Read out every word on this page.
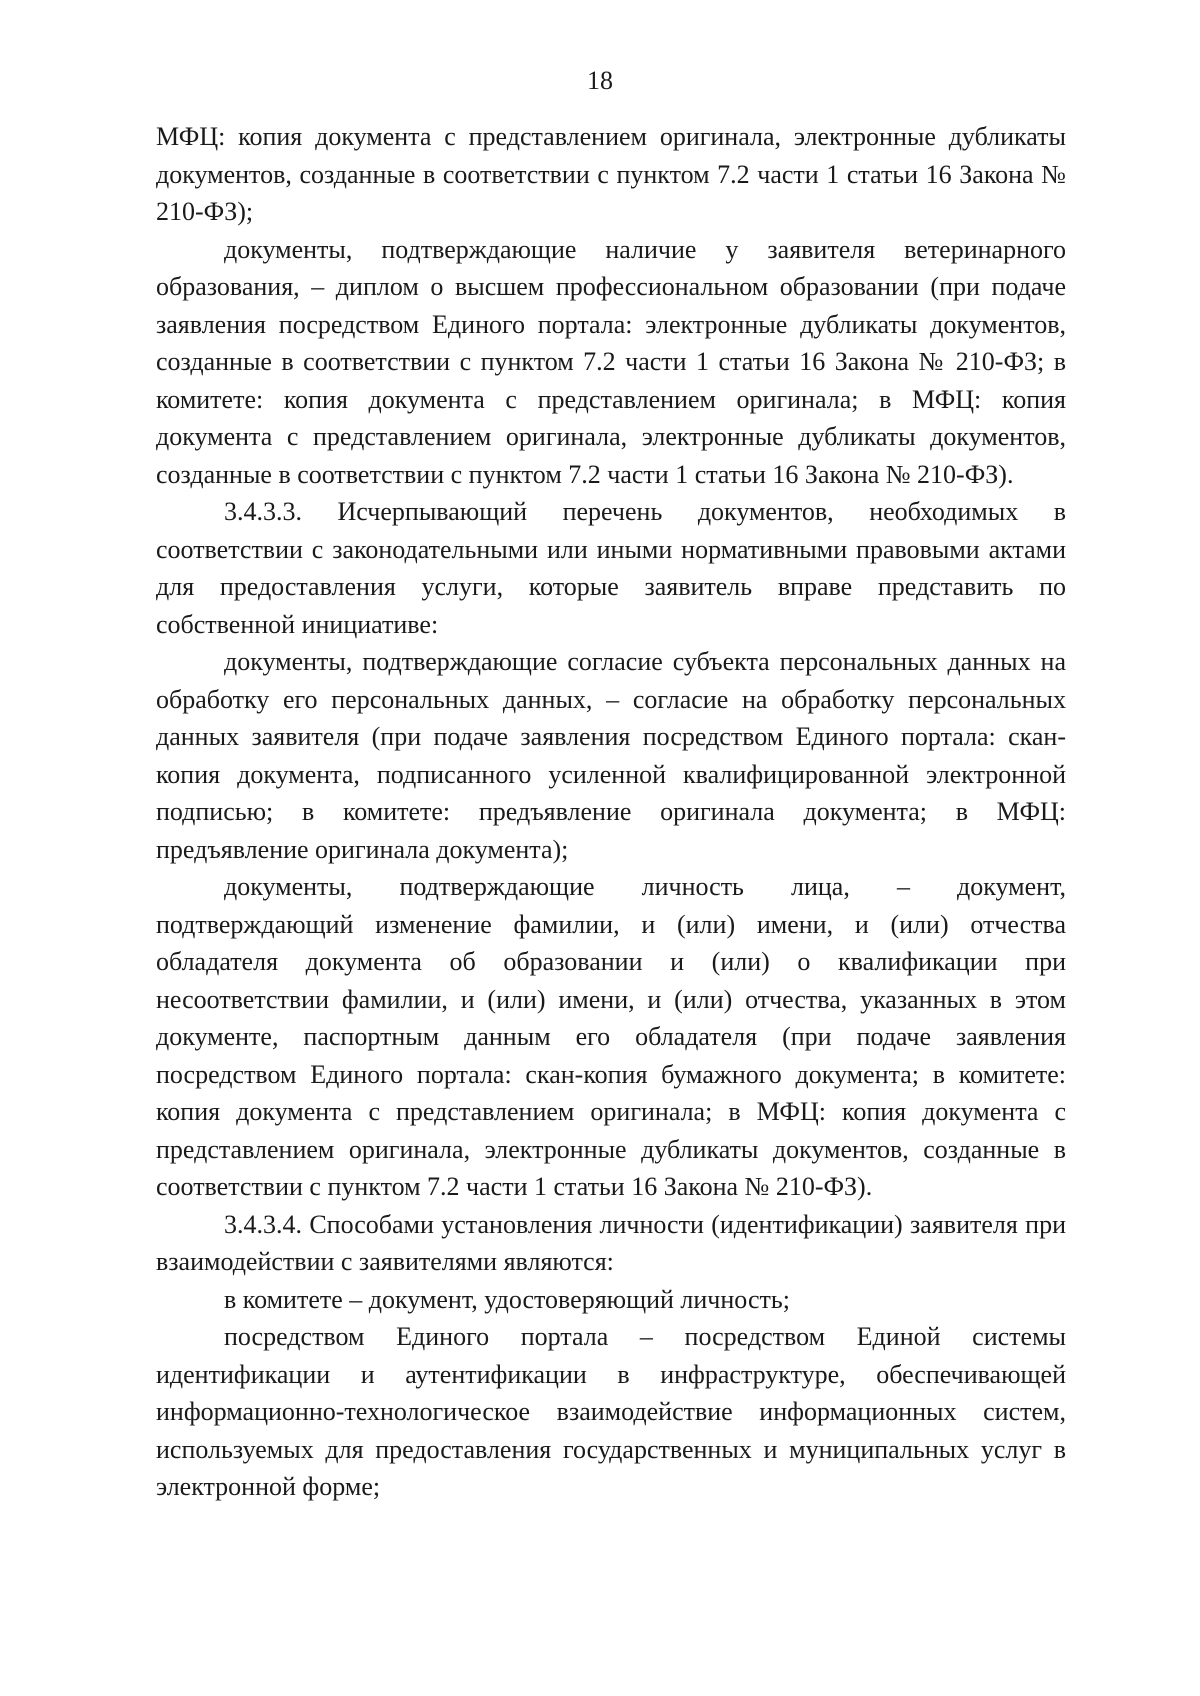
18

МФЦ: копия документа с представлением оригинала, электронные дубликаты документов, созданные в соответствии с пунктом 7.2 части 1 статьи 16 Закона № 210-ФЗ);

документы, подтверждающие наличие у заявителя ветеринарного образования, – диплом о высшем профессиональном образовании (при подаче заявления посредством Единого портала: электронные дубликаты документов, созданные в соответствии с пунктом 7.2 части 1 статьи 16 Закона № 210-ФЗ; в комитете: копия документа с представлением оригинала; в МФЦ: копия документа с представлением оригинала, электронные дубликаты документов, созданные в соответствии с пунктом 7.2 части 1 статьи 16 Закона № 210-ФЗ).

3.4.3.3. Исчерпывающий перечень документов, необходимых в соответствии с законодательными или иными нормативными правовыми актами для предоставления услуги, которые заявитель вправе представить по собственной инициативе:

документы, подтверждающие согласие субъекта персональных данных на обработку его персональных данных, – согласие на обработку персональных данных заявителя (при подаче заявления посредством Единого портала: скан-копия документа, подписанного усиленной квалифицированной электронной подписью; в комитете: предъявление оригинала документа; в МФЦ: предъявление оригинала документа);

документы, подтверждающие личность лица, – документ, подтверждающий изменение фамилии, и (или) имени, и (или) отчества обладателя документа об образовании и (или) о квалификации при несоответствии фамилии, и (или) имени, и (или) отчества, указанных в этом документе, паспортным данным его обладателя (при подаче заявления посредством Единого портала: скан-копия бумажного документа; в комитете: копия документа с представлением оригинала; в МФЦ: копия документа с представлением оригинала, электронные дубликаты документов, созданные в соответствии с пунктом 7.2 части 1 статьи 16 Закона № 210-ФЗ).

3.4.3.4. Способами установления личности (идентификации) заявителя при взаимодействии с заявителями являются:

в комитете – документ, удостоверяющий личность;

посредством Единого портала – посредством Единой системы идентификации и аутентификации в инфраструктуре, обеспечивающей информационно-технологическое взаимодействие информационных систем, используемых для предоставления государственных и муниципальных услуг в электронной форме;
